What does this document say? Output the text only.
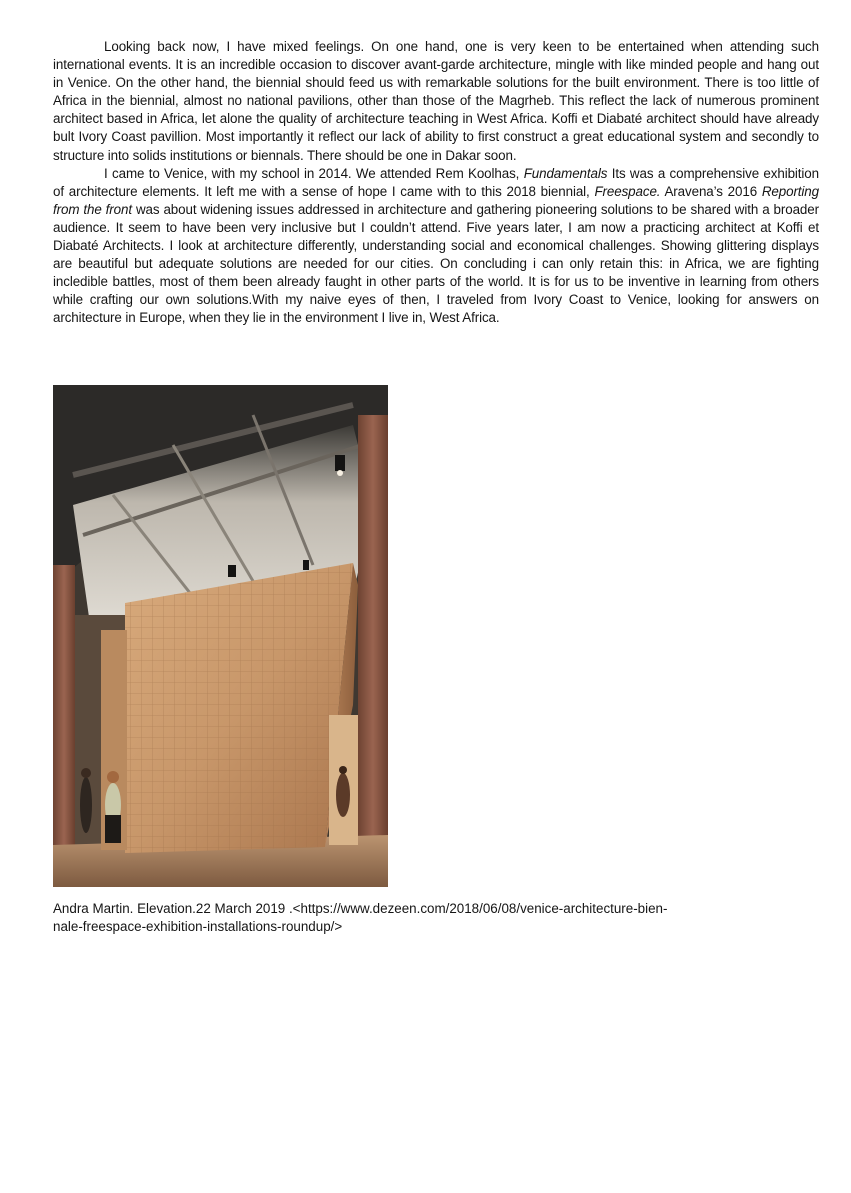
Looking back now, I have mixed feelings. On one hand, one is very keen to be entertained when attending such international events. It is an incredible occasion to discover avant-garde architecture, mingle with like minded people and hang out in Venice. On the other hand, the biennial should feed us with remarkable solutions for the built environment. There is too little of Africa in the biennial, almost no national pavilions, other than those of the Magrheb. This reflect the lack of numerous prominent architect based in Africa, let alone the quality of architecture teaching in West Africa. Koffi et Diabaté architect should have already bult Ivory Coast pavillion. Most importantly it reflect our lack of ability to first construct a great educational system and secondly to structure into solids institutions or biennals. There should be one in Dakar soon.

I came to Venice, with my school in 2014. We attended Rem Koolhas, Fundamentals Its was a comprehensive exhibition of architecture elements. It left me with a sense of hope I came with to this 2018 biennial, Freespace. Aravena’s 2016 Reporting from the front was about widening issues addressed in architecture and gathering pioneering solutions to be shared with a broader audience. It seem to have been very inclusive but I couldn’t attend. Five years later, I am now a practicing architect at Koffi et Diabaté Architects. I look at architecture differently, understanding social and economical challenges. Showing glittering displays are beautiful but adequate solutions are needed for our cities. On concluding i can only retain this: in Africa, we are fighting incledible battles, most of them been already faught in other parts of the world. It is for us to be inventive in learning from others while crafting our own solutions.With my naive eyes of then, I traveled from Ivory Coast to Venice, looking for answers on architecture in Europe, when they lie in the environment I live in, West Africa.

Andra Martin. Elevation.22 March 2019 .<https://www.dezeen.com/2018/06/08/venice-architecture-bien-
nale-freespace-exhibition-installations-roundup/>
